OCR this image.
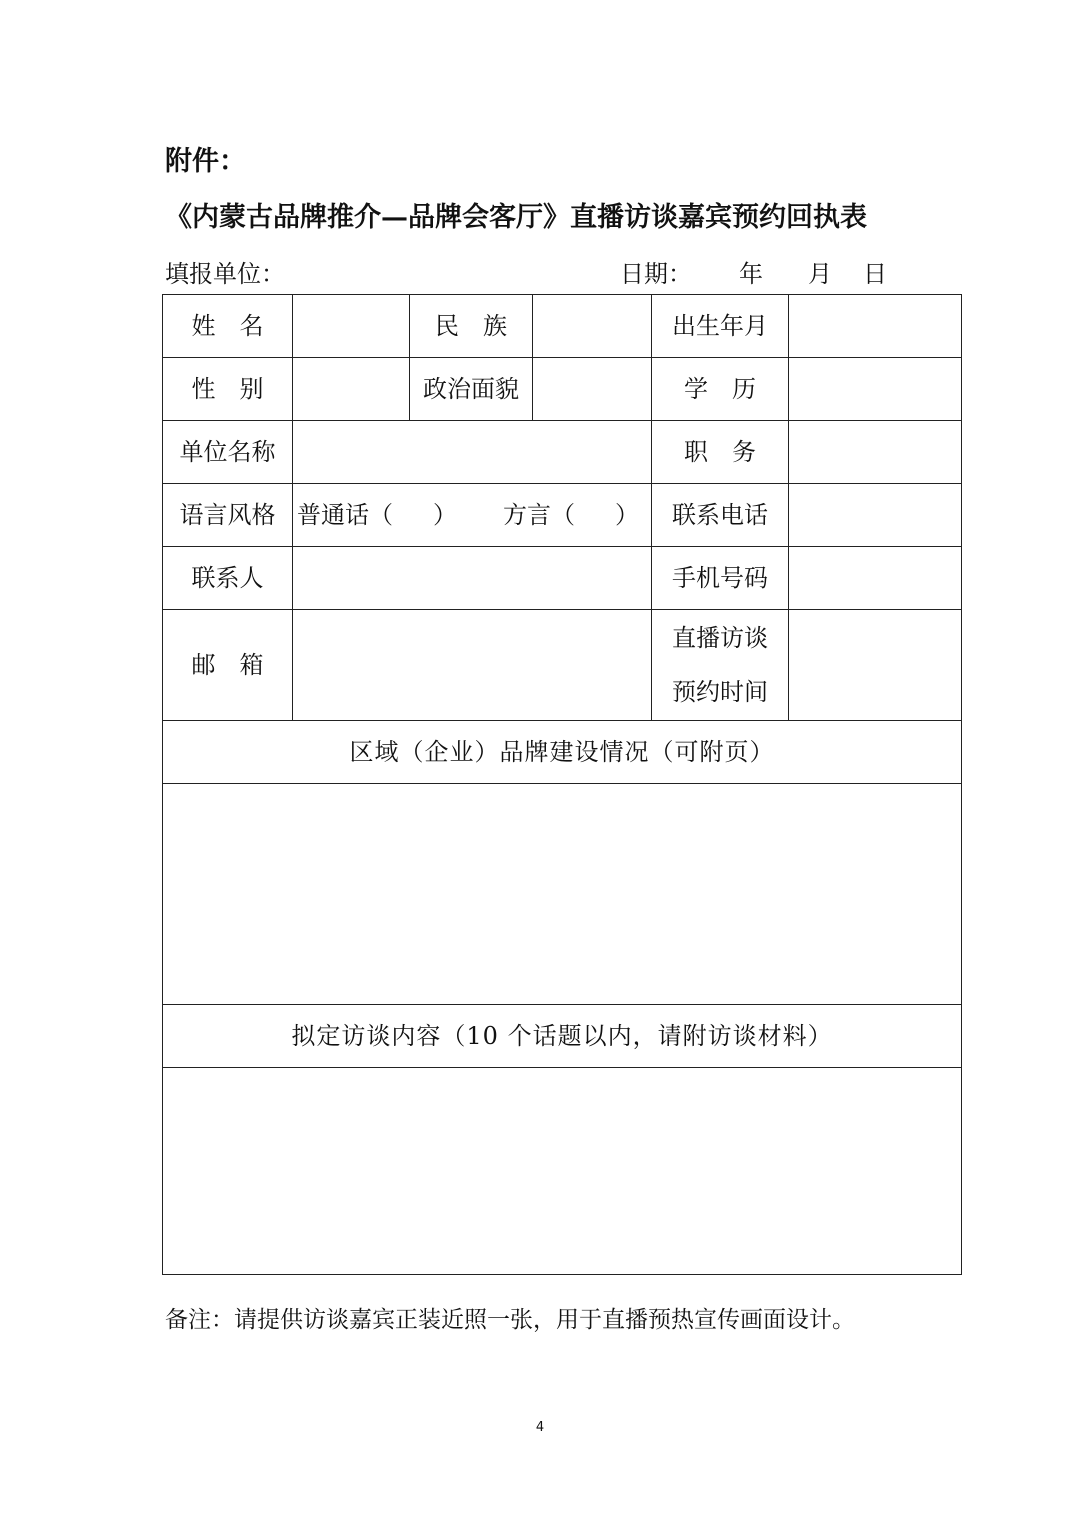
附件：
《内蒙古品牌推介—品牌会客厅》直播访谈嘉宾预约回执表
填报单位：	日期： 年 月 日
姓　名		民　族		出生年月	
性　别		政治面貌		学　历	
单位名称				职　务	
语言风格	普通话（ ） 方言（ ）			联系电话	
联系人				手机号码	
邮　箱				直播访谈
预约时间	

区域（企业）品牌建设情况（可附页）					

拟定访谈内容（10 个话题以内，请附访谈材料）					

备注：请提供访谈嘉宾正装近照一张，用于直播预热宣传画面设计。
4
